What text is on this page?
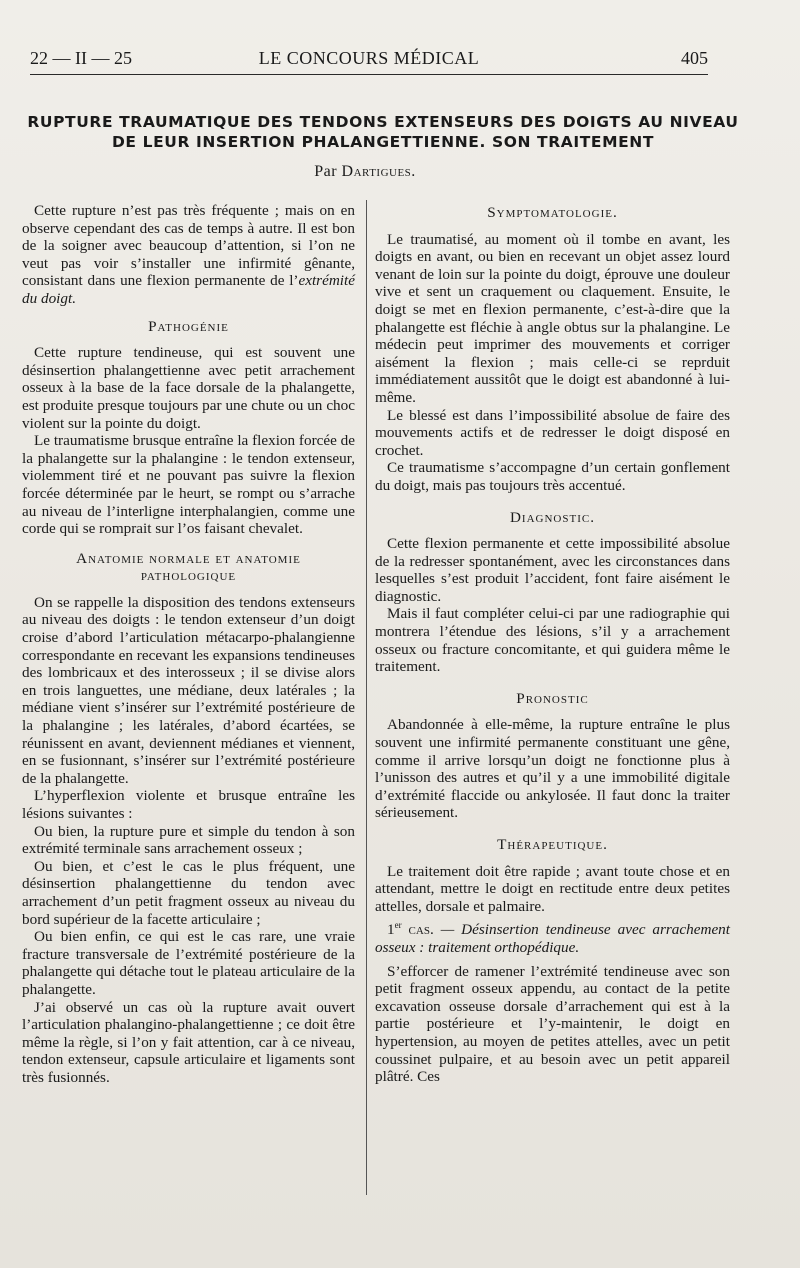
22 — II — 25	LE CONCOURS MÉDICAL	405
RUPTURE TRAUMATIQUE DES TENDONS EXTENSEURS DES DOIGTS AU NIVEAU
DE LEUR INSERTION PHALANGETTIENNE. SON TRAITEMENT
Par Dartigues.

Cette rupture n’est pas très fréquente ; mais on en observe cependant des cas de temps à autre. Il est bon de la soigner avec beaucoup d’attention, si l’on ne veut pas voir s’installer une infirmité gênante, consistant dans une flexion permanente de l’extrémité du doigt.

Pathogénie

Cette rupture tendineuse, qui est souvent une désinsertion phalangettienne avec petit arrachement osseux à la base de la face dorsale de la phalangette, est produite presque toujours par une chute ou un choc violent sur la pointe du doigt.

Le traumatisme brusque entraîne la flexion forcée de la phalangette sur la phalangine : le tendon extenseur, violemment tiré et ne pouvant pas suivre la flexion forcée déterminée par le heurt, se rompt ou s’arrache au niveau de l’interligne interphalangien, comme une corde qui se romprait sur l’os faisant chevalet.

Anatomie normale et anatomie
pathologique

On se rappelle la disposition des tendons extenseurs au niveau des doigts : le tendon extenseur d’un doigt croise d’abord l’articulation métacarpo-phalangienne correspondante en recevant les expansions tendineuses des lombricaux et des interosseux ; il se divise alors en trois languettes, une médiane, deux latérales ; la médiane vient s’insérer sur l’extrémité postérieure de la phalangine ; les latérales, d’abord écartées, se réunissent en avant, deviennent médianes et viennent, en se fusionnant, s’insérer sur l’extrémité postérieure de la phalangette.

L’hyperflexion violente et brusque entraîne les lésions suivantes :

Ou bien, la rupture pure et simple du tendon à son extrémité terminale sans arrachement osseux ;

Ou bien, et c’est le cas le plus fréquent, une désinsertion phalangettienne du tendon avec arrachement d’un petit fragment osseux au niveau du bord supérieur de la facette articulaire ;

Ou bien enfin, ce qui est le cas rare, une vraie fracture transversale de l’extrémité postérieure de la phalangette qui détache tout le plateau articulaire de la phalangette.

J’ai observé un cas où la rupture avait ouvert l’articulation phalangino-phalangettienne ; ce doit être même la règle, si l’on y fait attention, car à ce niveau, tendon extenseur, capsule articulaire et ligaments sont très fusionnés.

Symptomatologie.

Le traumatisé, au moment où il tombe en avant, les doigts en avant, ou bien en recevant un objet assez lourd venant de loin sur la pointe du doigt, éprouve une douleur vive et sent un craquement ou claquement. Ensuite, le doigt se met en flexion permanente, c’est-à-dire que la phalangette est fléchie à angle obtus sur la phalangine. Le médecin peut imprimer des mouvements et corriger aisément la flexion ; mais celle-ci se reprduit immédiatement aussitôt que le doigt est abandonné à lui-même.

Le blessé est dans l’impossibilité absolue de faire des mouvements actifs et de redresser le doigt disposé en crochet.

Ce traumatisme s’accompagne d’un certain gonflement du doigt, mais pas toujours très accentué.

Diagnostic.

Cette flexion permanente et cette impossibilité absolue de la redresser spontanément, avec les circonstances dans lesquelles s’est produit l’accident, font faire aisément le diagnostic.

Mais il faut compléter celui-ci par une radiographie qui montrera l’étendue des lésions, s’il y a arrachement osseux ou fracture concomitante, et qui guidera même le traitement.

Pronostic

Abandonnée à elle-même, la rupture entraîne le plus souvent une infirmité permanente constituant une gêne, comme il arrive lorsqu’un doigt ne fonctionne plus à l’unisson des autres et qu’il y a une immobilité digitale d’extrémité flaccide ou ankylosée. Il faut donc la traiter sérieusement.

Thérapeutique.

Le traitement doit être rapide ; avant toute chose et en attendant, mettre le doigt en rectitude entre deux petites attelles, dorsale et palmaire.

1er cas. — Désinsertion tendineuse avec arrachement osseux : traitement orthopédique.

S’efforcer de ramener l’extrémité tendineuse avec son petit fragment osseux appendu, au contact de la petite excavation osseuse dorsale d’arrachement qui est à la partie postérieure et l’y-maintenir, le doigt en hypertension, au moyen de petites attelles, avec un petit coussinet pulpaire, et au besoin avec un petit appareil plâtré. Ces
